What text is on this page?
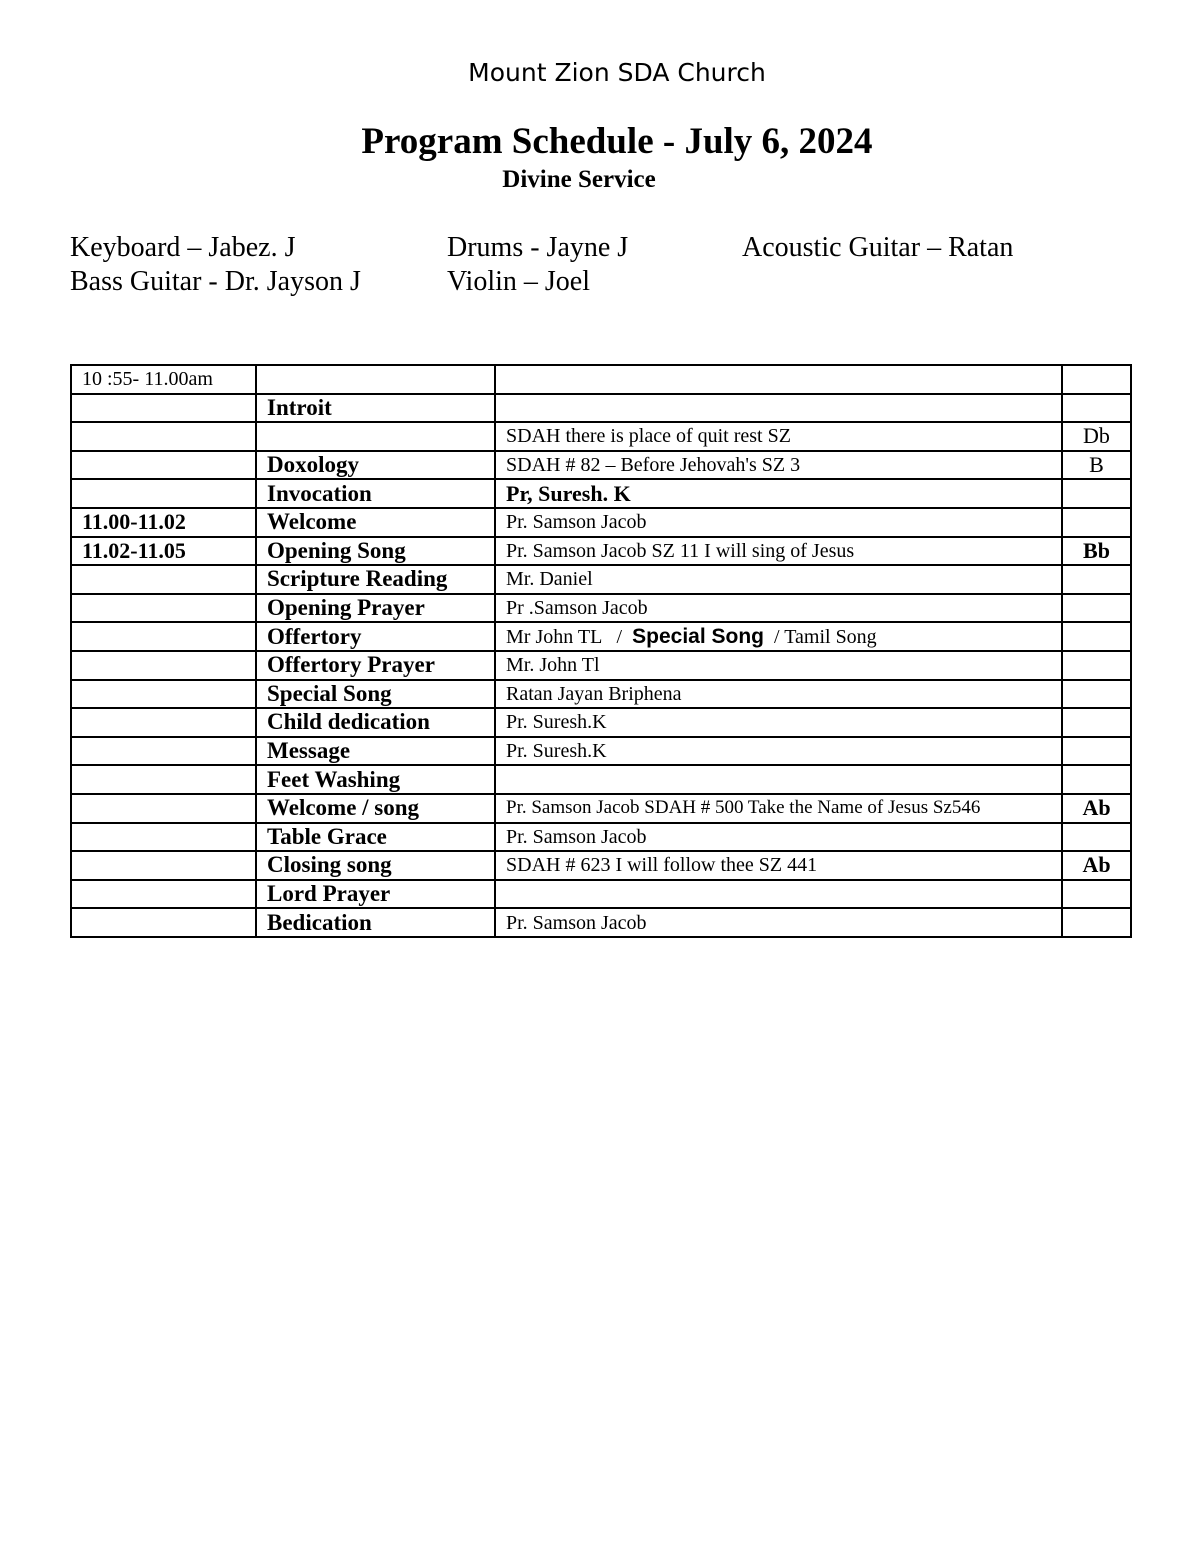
Mount Zion SDA Church
Program Schedule - July 6, 2024
Divine Service
Keyboard – Jabez. J	Drums - Jayne J	Acoustic Guitar – Ratan
Bass Guitar - Dr. Jayson J	Violin – Joel
10 :55- 11.00am			
	Introit		
		SDAH there is place of quit rest SZ	Db
	Doxology	SDAH # 82 – Before Jehovah's SZ 3	B
	Invocation	Pr, Suresh. K	
11.00-11.02	Welcome	Pr. Samson Jacob	
11.02-11.05	Opening Song	Pr. Samson Jacob SZ 11 I will sing of Jesus	Bb
	Scripture Reading	Mr. Daniel	
	Opening Prayer	Pr .Samson Jacob	
	Offertory	Mr John TL   /  Special Song  / Tamil Song	
	Offertory Prayer	Mr. John Tl	
	Special Song	Ratan Jayan Briphena	
	Child dedication	Pr. Suresh.K	
	Message	Pr. Suresh.K	
	Feet Washing		
	Welcome / song	Pr. Samson Jacob SDAH # 500 Take the Name of Jesus Sz546	Ab
	Table Grace	Pr. Samson Jacob	
	Closing song	SDAH # 623 I will follow thee SZ 441	Ab
	Lord Prayer		
	Bedication	Pr. Samson Jacob	
